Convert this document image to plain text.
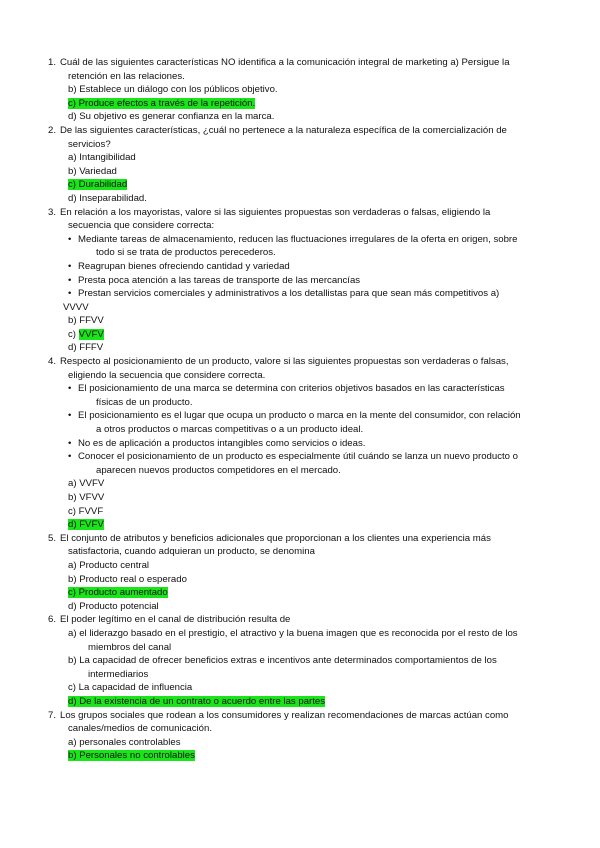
1. Cuál de las siguientes características NO identifica a la comunicación integral de marketing a) Persigue la
retención en las relaciones.
b) Establece un diálogo con los públicos objetivo.
c) Produce efectos a través de la repetición.
d) Su objetivo es generar confianza en la marca.
2. De las siguientes características, ¿cuál no pertenece a la naturaleza específica de la comercialización de
servicios?
a) Intangibilidad
b) Variedad
c) Durabilidad
d) Inseparabilidad.
3. En relación a los mayoristas, valore si las siguientes propuestas son verdaderas o falsas, eligiendo la
secuencia que considere correcta:
• Mediante tareas de almacenamiento, reducen las fluctuaciones irregulares de la oferta en origen, sobre
todo si se trata de productos perecederos.
• Reagrupan bienes ofreciendo cantidad y variedad
• Presta poca atención a las tareas de transporte de las mercancías
• Prestan servicios comerciales y administrativos a los detallistas para que sean más competitivos a)
VVVV
b) FFVV
c) VVFV
d) FFFV
4. Respecto al posicionamiento de un producto, valore si las siguientes propuestas son verdaderas o falsas,
eligiendo la secuencia que considere correcta.
• El posicionamiento de una marca se determina con criterios objetivos basados en las características
físicas de un producto.
• El posicionamiento es el lugar que ocupa un producto o marca en la mente del consumidor, con relación
a otros productos o marcas competitivas o a un producto ideal.
• No es de aplicación a productos intangibles como servicios o ideas.
• Conocer el posicionamiento de un producto es especialmente útil cuándo se lanza un nuevo producto o
aparecen nuevos productos competidores en el mercado.
a) VVFV
b) VFVV
c) FVVF
d) FVFV
5. El conjunto de atributos y beneficios adicionales que proporcionan a los clientes una experiencia más
satisfactoria, cuando adquieran un producto, se denomina
a) Producto central
b) Producto real o esperado
c) Producto aumentado
d) Producto potencial
6. El poder legítimo en el canal de distribución resulta de
a) el liderazgo basado en el prestigio, el atractivo y la buena imagen que es reconocida por el resto de los
miembros del canal
b) La capacidad de ofrecer beneficios extras e incentivos ante determinados comportamientos de los
intermediarios
c) La capacidad de influencia
d) De la existencia de un contrato o acuerdo entre las partes
7. Los grupos sociales que rodean a los consumidores y realizan recomendaciones de marcas actúan como
canales/medios de comunicación.
a) personales controlables
b) Personales no controlables
